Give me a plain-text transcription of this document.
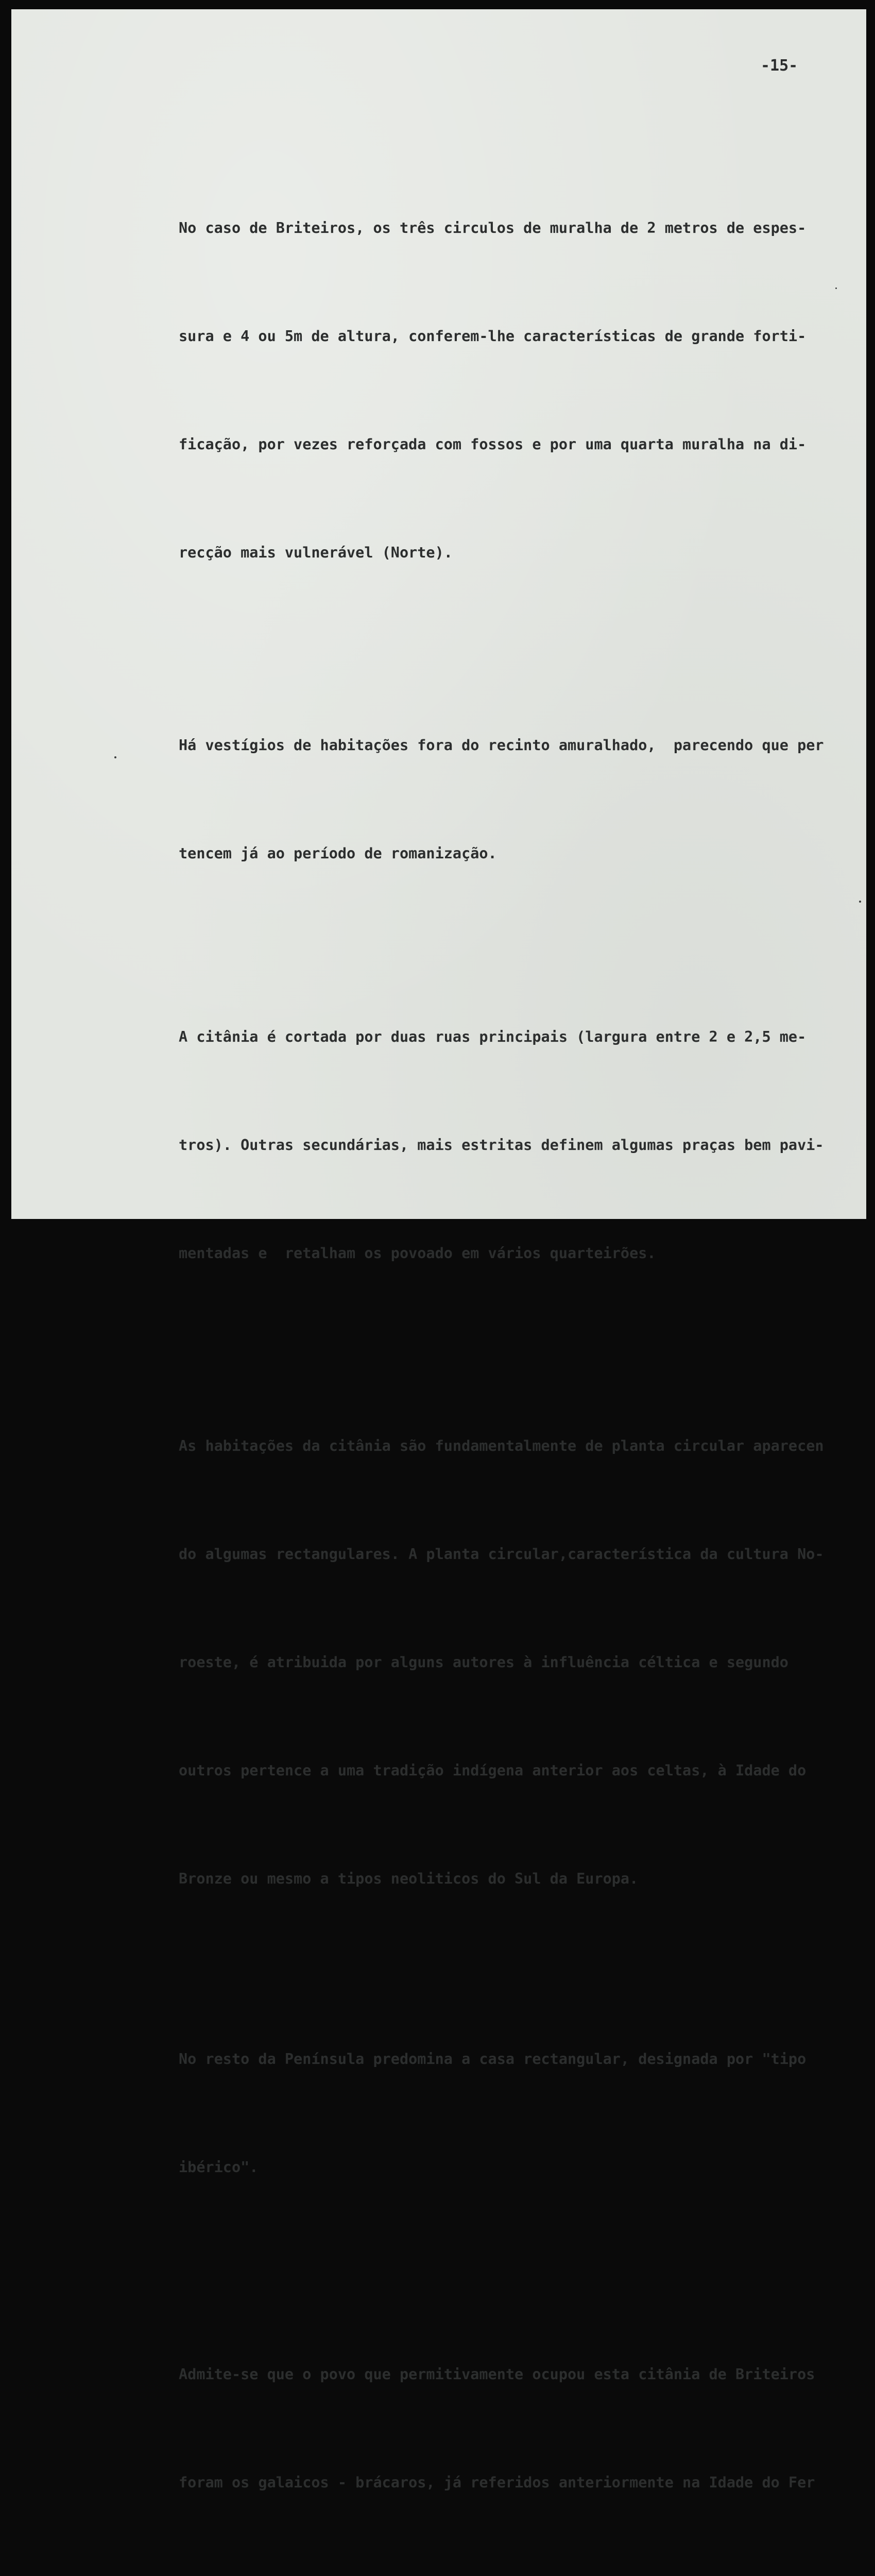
-15-

No caso de Briteiros, os três circulos de muralha de 2 metros de espes-

sura e 4 ou 5m de altura, conferem-lhe características de grande forti-

ficação, por vezes reforçada com fossos e por uma quarta muralha na di-

recção mais vulnerável (Norte).

Há vestígios de habitações fora do recinto amuralhado,  parecendo que per

tencem já ao período de romanização.

A citânia é cortada por duas ruas principais (largura entre 2 e 2,5 me-

tros). Outras secundárias, mais estritas definem algumas praças bem pavi-

mentadas e  retalham os povoado em vários quarteirões.

As habitações da citânia são fundamentalmente de planta circular aparecen

do algumas rectangulares. A planta circular,característica da cultura No-

roeste, é atribuida por alguns autores à influência céltica e segundo

outros pertence a uma tradição indígena anterior aos celtas, à Idade do

Bronze ou mesmo a tipos neoliticos do Sul da Europa.

No resto da Península predomina a casa rectangular, designada por "tipo

ibérico".

Admite-se que o povo que permitivamente ocupou esta citânia de Briteiros

foram os galaicos - brácaros, já referidos anteriormente na Idade do Fer
